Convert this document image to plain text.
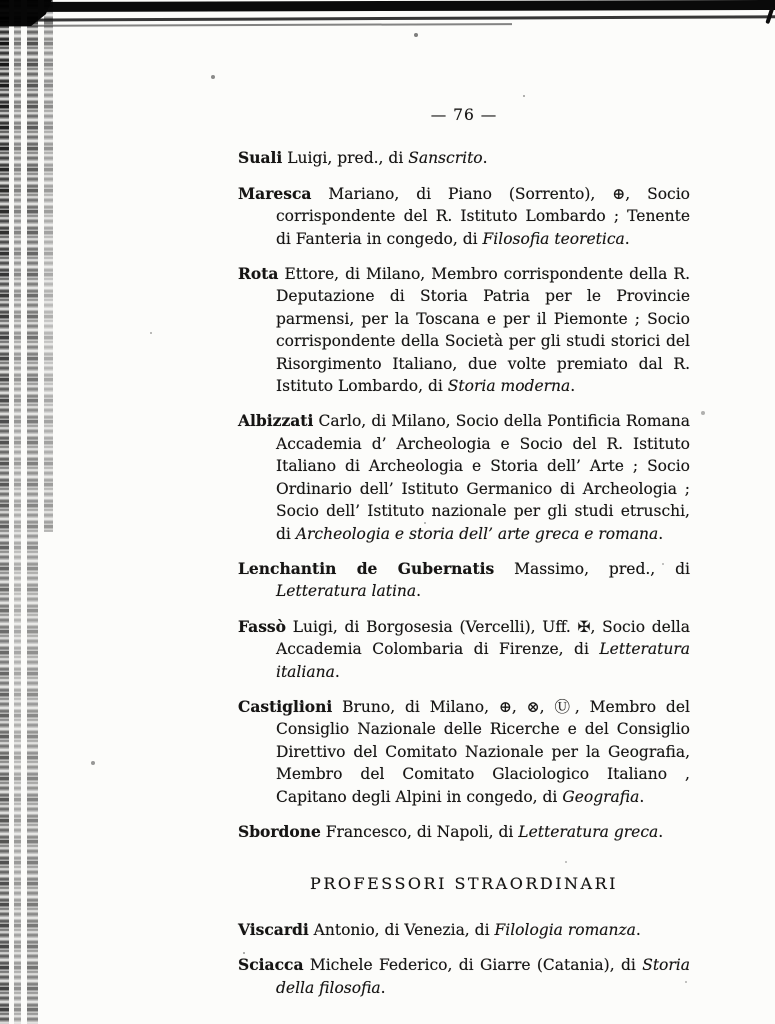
— 76 —

Suali Luigi, pred., di Sanscrito.

Maresca Mariano, di Piano (Sorrento), ⊕, Socio corrispondente del R. Istituto Lombardo ; Tenente di Fanteria in congedo, di Filosofia teoretica.

Rota Ettore, di Milano, Membro corrispondente della R. Deputazione di Storia Patria per le Provincie parmensi, per la Toscana e per il Piemonte ; Socio corrispondente della Società per gli studi storici del Risorgimento Italiano, due volte premiato dal R. Istituto Lombardo, di Storia moderna.

Albizzati Carlo, di Milano, Socio della Pontificia Romana Accademia d’ Archeologia e Socio del R. Istituto Italiano di Archeologia e Storia dell’ Arte ; Socio Ordinario dell’ Istituto Germanico di Archeologia ; Socio dell’ Istituto nazionale per gli studi etruschi, di Archeologia e storia dell’ arte greca e romana.

Lenchantin de Gubernatis Massimo, pred., di Letteratura latina.

Fassò Luigi, di Borgosesia (Vercelli), Uff. ✠, Socio della Accademia Colombaria di Firenze, di Letteratura italiana.

Castiglioni Bruno, di Milano, ⊕, ⊗, Ⓤ, Membro del Consiglio Nazionale delle Ricerche e del Consiglio Direttivo del Comitato Nazionale per la Geografia, Membro del Comitato Glaciologico Italiano , Capitano degli Alpini in congedo, di Geografia.

Sbordone Francesco, di Napoli, di Letteratura greca.

PROFESSORI STRAORDINARI

Viscardi Antonio, di Venezia, di Filologia romanza.

Sciacca Michele Federico, di Giarre (Catania), di Storia della filosofia.
